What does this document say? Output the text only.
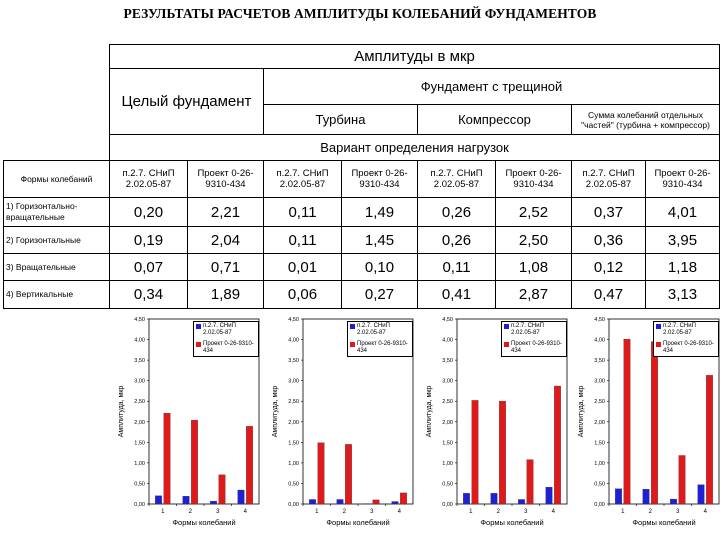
РЕЗУЛЬТАТЫ РАСЧЕТОВ АМПЛИТУДЫ КОЛЕБАНИЙ ФУНДАМЕНТОВ
	Амплитуды в мкр							
	Целый фундамент		Фундамент с трещиной					
			Турбина		Компрессор		Сумма колебаний отдельных "частей" (турбина + компрессор)	
	Вариант определения нагрузок							
Формы колебаний	п.2.7. СНиП 2.02.05-87	Проект 0-26-9310-434	п.2.7. СНиП 2.02.05-87	Проект 0-26-9310-434	п.2.7. СНиП 2.02.05-87	Проект 0-26-9310-434	п.2.7. СНиП 2.02.05-87	Проект 0-26-9310-434
1) Горизонтально-вращательные	0,20	2,21	0,11	1,49	0,26	2,52	0,37	4,01
2) Горизонтальные	0,19	2,04	0,11	1,45	0,26	2,50	0,36	3,95
3) Вращательные	0,07	0,71	0,01	0,10	0,11	1,08	0,12	1,18
4) Вертикальные	0,34	1,89	0,06	0,27	0,41	2,87	0,47	3,13
0,00
0,50
1,00
1,50
2,00
2,50
3,00
3,50
4,00
4,50
Амплитуда, мкр
1	2	3	4
Формы колебаний
п.2.7. СНиП 2.02.05-87
Проект 0-26-9310-434
0,00
0,50
1,00
1,50
2,00
2,50
3,00
3,50
4,00
4,50
Амплитуда, мкр
1	2	3	4
Формы колебаний
п.2.7. СНиП 2.02.05-87
Проект 0-26-9310-434
0,00
0,50
1,00
1,50
2,00
2,50
3,00
3,50
4,00
4,50
Амплитуда, мкр
1	2	3	4
Формы колебаний
п.2.7. СНиП 2.02.05-87
Проект 0-26-9310-434
0,00
0,50
1,00
1,50
2,00
2,50
3,00
3,50
4,00
4,50
Амплитуда, мкр
1	2	3	4
Формы колебаний
п.2.7. СНиП 2.02.05-87
Проект 0-26-9310-434
